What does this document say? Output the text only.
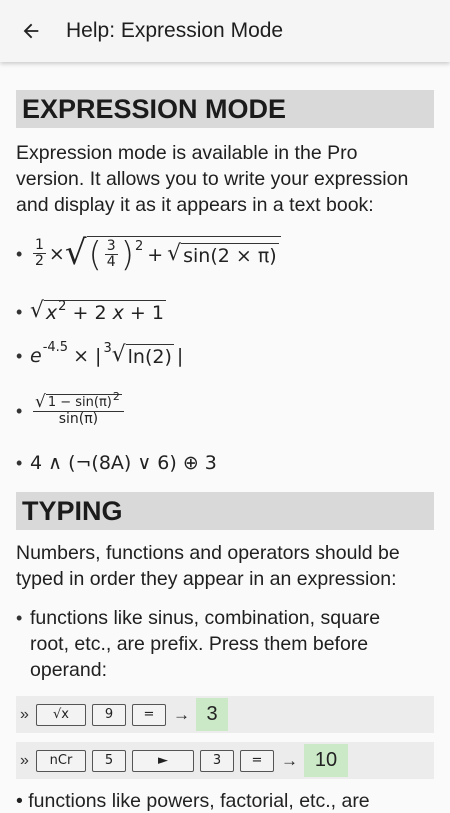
Help: Expression Mode
EXPRESSION MODE
Expression mode is available in the Pro
version. It allows you to write your expression
and display it as it appears in a text book:
• $\frac{1}{2}$ × √ ( $\frac{3}{4}$ ) 2 + √ sin(2 × π)
• √ $x^2 + 2$ x + 1
• e -4.5 × | 3 √ ln(2) |
• $\frac{√ 1 - \sin(\pi)^2}{\sin(\pi)}$
• 4 ∧ (¬(8A) ∨ 6) ⊕ 3
TYPING
Numbers, functions and operators should be
typed in order they appear in an expression:
• functions like sinus, combination, square
root, etc., are prefix. Press them before
operand:
»	√x	9	=	→ 3
»	nCr	5	►	3	=	→ 10
• functions like powers, factorial, etc., are
